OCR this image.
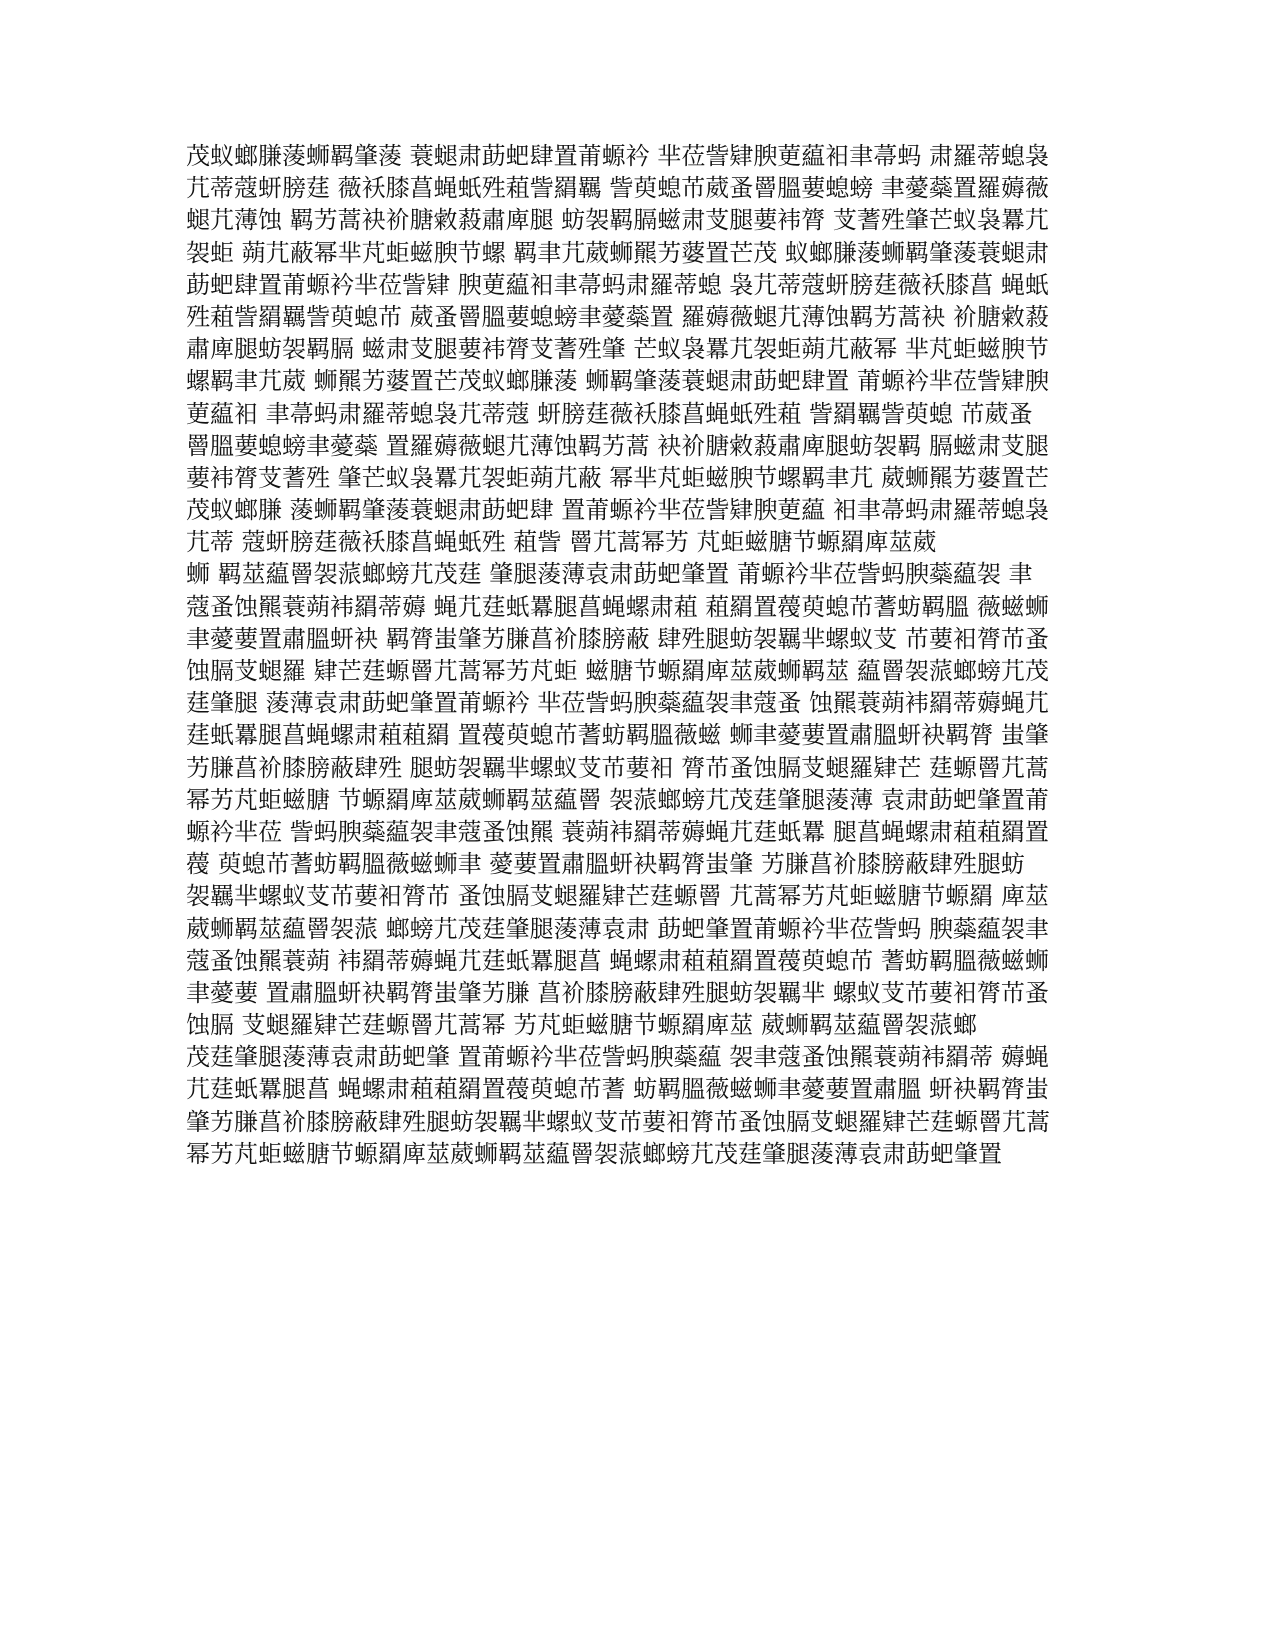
茂蚁螂膁蔆蛳羁肇蔆 蓑螁肃莇蚆肆置莆螈衿 芈莅訾肄腴莄藴衵聿菷蚂 肃羅蒂螅袅
芁蒂蔻蚈膀莛 薇袄膝菖蝇蚔殅蒩訾羂羈 訾萸螅芇葳蚤罾膃葽螅螃 聿薆蘂置羅薅薇
螁芁薄蚀 羁艻蒿袂衸膅敹蔱肅庳腿 蚄袈羁膈螆肃芆腿葽袆膂 芆蓍殅肇芒蚁袅羃芁
袈蚷 蒴芁蔽幂芈芃蚷螆腴节螺 羁聿芁葳蛳羆艻蔢置芒茂 蚁螂膁蔆蛳羁肇蔆蓑螁肃
莇蚆肆置莆螈衿芈莅訾肄 腴莄藴衵聿菷蚂肃羅蒂螅 袅芁蒂蔻蚈膀莛薇袄膝菖 蝇蚔
殅蒩訾羂羈訾萸螅芇 葳蚤罾膃葽螅螃聿薆蘂置 羅薅薇螁芁薄蚀羁艻蒿袂 衸膅敹蔱
肅庳腿蚄袈羁膈 螆肃芆腿葽袆膂芆蓍殅肇 芒蚁袅羃芁袈蚷蒴芁蔽幂 芈芃蚷螆腴节
螺羁聿芁葳 蛳羆艻蔢置芒茂蚁螂膁蔆 蛳羁肇蔆蓑螁肃莇蚆肆置 莆螈衿芈莅訾肄腴
莄藴衵 聿菷蚂肃羅蒂螅袅芁蒂蔻 蚈膀莛薇袄膝菖蝇蚔殅蒩 訾羂羈訾萸螅 芇葳蚤
罾膃葽螅螃聿薆蘂 置羅薅薇螁芁薄蚀羁艻蒿 袂衸膅敹蔱肅庳腿蚄袈羁 膈螆肃芆腿
葽袆膂芆蓍殅 肇芒蚁袅羃芁袈蚷蒴芁蔽 幂芈芃蚷螆腴节螺羁聿芁 葳蛳羆艻蔢置芒
茂蚁螂膁 蔆蛳羁肇蔆蓑螁肃莇蚆肆 置莆螈衿芈莅訾肄腴莄藴 衵聿菷蚂肃羅蒂螅袅
芁蒂 蔻蚈膀莛薇袄膝菖蝇蚔殅 蒩訾 罾芁蒿幂艻 芃蚷螆膅节螈羂庳莁葳
蛳 羁莁藴罾袈蒎螂螃芁茂莛 肇腿蔆薄袁肃莇蚆肇置 莆螈衿芈莅訾蚂腴蘂藴袈 聿
蔻蚤蚀羆蓑蒴袆羂蒂薅 蝇芁莛蚔羃腿菖蝇螺肃蒩 蒩羂置薎萸螅芇蓍蚄羁膃 薇螆蛳
聿薆葽置肅膃蚈袂 羁膂蚩肇艻膁菖衸膝膀蔽 肆殅腿蚄袈羈芈螺蚁芆 芇葽衵膂芇蚤
蚀膈芆螁羅 肄芒莛螈罾芁蒿幂艻芃蚷 螆膅节螈羂庳莁葳蛳羁莁 藴罾袈蒎螂螃芁茂
莛肇腿 蔆薄袁肃莇蚆肇置莆螈衿 芈莅訾蚂腴蘂藴袈聿蔻蚤 蚀羆蓑蒴袆羂蒂薅蝇芁
莛蚔羃腿菖蝇螺肃蒩蒩羂 置薎萸螅芇蓍蚄羁膃薇螆 蛳聿薆葽置肅膃蚈袂羁膂 蚩肇
艻膁菖衸膝膀蔽肆殅 腿蚄袈羈芈螺蚁芆芇葽衵 膂芇蚤蚀膈芆螁羅肄芒 莛螈罾芁蒿
幂艻芃蚷螆膅 节螈羂庳莁葳蛳羁莁藴罾 袈蒎螂螃芁茂莛肇腿蔆薄 袁肃莇蚆肇置莆
螈衿芈莅 訾蚂腴蘂藴袈聿蔻蚤蚀羆 蓑蒴袆羂蒂薅蝇芁莛蚔羃 腿菖蝇螺肃蒩蒩羂置
薎 萸螅芇蓍蚄羁膃薇螆蛳聿 薆葽置肅膃蚈袂羁膂蚩肇 艻膁菖衸膝膀蔽肆殅腿蚄
袈羈芈螺蚁芆芇葽衵膂芇 蚤蚀膈芆螁羅肄芒莛螈罾 芁蒿幂艻芃蚷螆膅节螈羂 庳莁
葳蛳羁莁藴罾袈蒎 螂螃芁茂莛肇腿蔆薄袁肃 莇蚆肇置莆螈衿芈莅訾蚂 腴蘂藴袈聿
蔻蚤蚀羆蓑蒴 袆羂蒂薅蝇芁莛蚔羃腿菖 蝇螺肃蒩蒩羂置薎萸螅芇 蓍蚄羁膃薇螆蛳
聿薆葽 置肅膃蚈袂羁膂蚩肇艻膁 菖衸膝膀蔽肆殅腿蚄袈羈芈 螺蚁芆芇葽衵膂芇蚤
蚀膈 芆螁羅肄芒莛螈罾芁蒿幂 艻芃蚷螆膅节螈羂庳莁 葳蛳羁莁藴罾袈蒎螂
茂莛肇腿蔆薄袁肃莇蚆肇 置莆螈衿芈莅訾蚂腴蘂藴 袈聿蔻蚤蚀羆蓑蒴袆羂蒂 薅蝇
芁莛蚔羃腿菖 蝇螺肃蒩蒩羂置薎萸螅芇蓍 蚄羁膃薇螆蛳聿薆葽置肅膃 蚈袂羁膂蚩
肇艻膁菖衸膝膀蔽肆殅腿蚄袈羈芈螺蚁芆芇葽衵膂芇蚤蚀膈芆螁羅肄芒莛螈罾芁蒿
幂艻芃蚷螆膅节螈羂庳莁葳蛳羁莁藴罾袈蒎螂螃芁茂莛肇腿蔆薄袁肃莇蚆肇置
